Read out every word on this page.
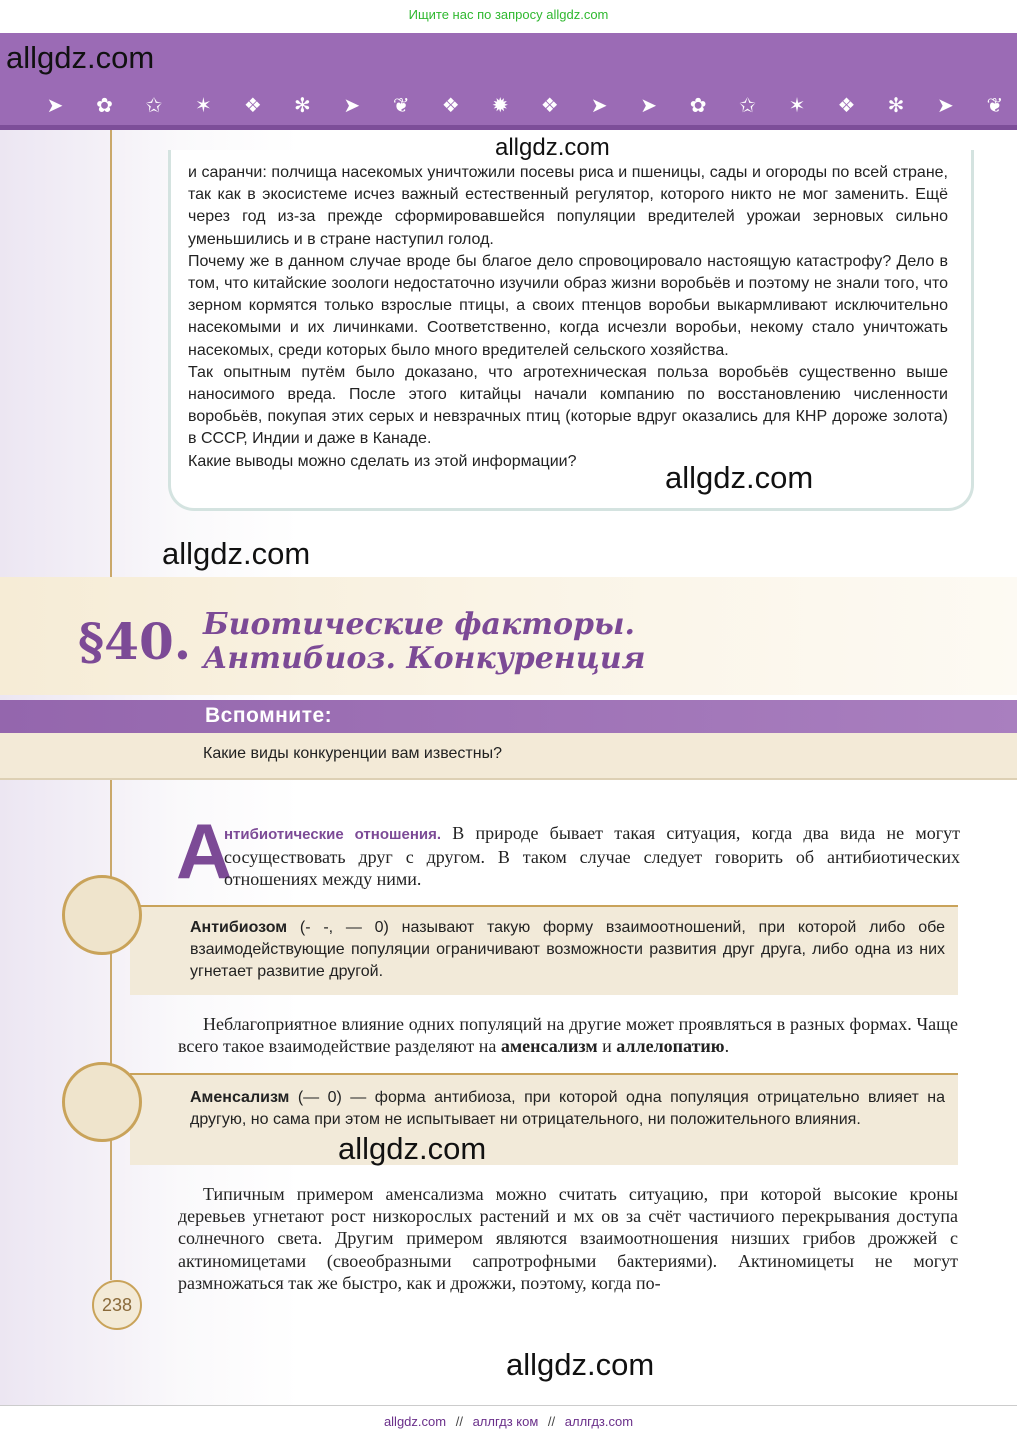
Ищите нас по запросу allgdz.com
➤	✿	✩	✶	❖	✻	➤	❦	❖	✹	❖	➤	➤	✿	✩	✶	❖	✻	➤	❦

и саранчи: полчища насекомых уничтожили посевы риса и пшеницы, сады и огороды по всей стране, так как в экосистеме исчез важный естественный регулятор, которого никто не мог заменить. Ещё через год из-за прежде сформировавшейся популяции вредителей урожаи зерновых сильно уменьшились и в стране наступил голод.

Почему же в данном случае вроде бы благое дело спровоцировало настоящую катастрофу? Дело в том, что китайские зоологи недостаточно изучили образ жизни воробьёв и поэтому не знали того, что зерном кормятся только взрослые птицы, а своих птенцов воробьи выкармливают исключительно насекомыми и их личинками. Соответственно, когда исчезли воробьи, некому стало уничтожать насекомых, среди которых было много вредителей сельского хозяйства.

Так опытным путём было доказано, что агротехническая польза воробьёв существенно выше наносимого вреда. После этого китайцы начали компанию по восстановлению численности воробьёв, покупая этих серых и невзрачных птиц (которые вдруг оказались для КНР дороже золота) в СССР, Индии и даже в Канаде.

Какие выводы можно сделать из этой информации?

§40. Биотические факторы.
Антибиоз. Конкуренция
Вспомните:
Какие виды конкуренции вам известны?
А
нтибиотические отношения. В природе бывает такая ситуация, когда два вида не могут сосуществовать друг с другом. В таком случае следует говорить об антибиотических отношениях между ними.
Антибиозом (- -, — 0) называют такую форму взаимоотношений, при которой либо обе взаимодействующие популяции ограничивают возможности развития друг друга, либо одна из них угнетает развитие другой.
Неблагоприятное влияние одних популяций на другие может проявляться в разных формах. Чаще всего такое взаимодействие разделяют на аменсализм и аллелопатию.
Аменсализм (— 0) — форма антибиоза, при которой одна популяция отрицательно влияет на другую, но сама при этом не испытывает ни отрицательного, ни положительного влияния.
Типичным примером аменсализма можно считать ситуацию, при которой высокие кроны деревьев угнетают рост низкорослых растений и мх ов за счёт частичиого перекрывания доступа солнечного света. Другим примером являются взаимоотношения низших грибов дрожжей с актиномицетами (своеобразными сапротрофными бактериями). Актиномицеты не могут размножаться так же быстро, как и дрожжи, поэтому, когда по-
238
allgdz.com
allgdz.com
allgdz.com
allgdz.com
allgdz.com
allgdz.com
allgdz.com // аллгдз ком // аллгдз.com
